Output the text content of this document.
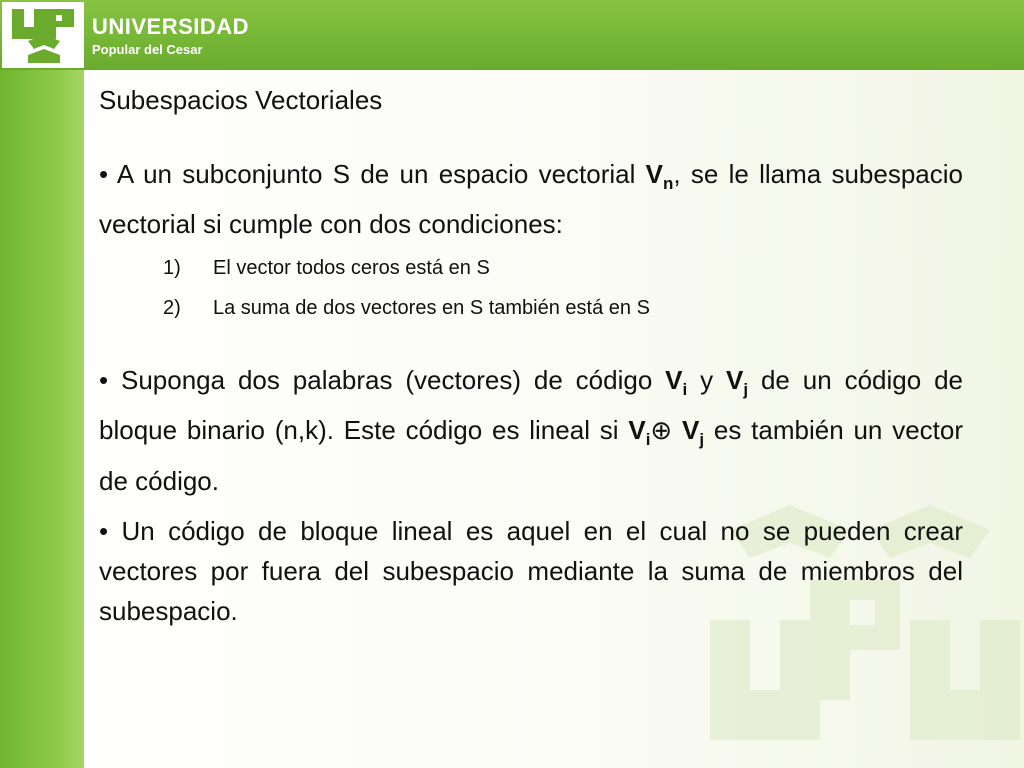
UNIVERSIDAD
Popular del Cesar
Subespacios Vectoriales

• A un subconjunto S de un espacio vectorial $V_n$, se le llama subespacio vectorial si cumple con dos condiciones:

1)	El vector todos ceros está en S
2)	La suma de dos vectores en S también está en S

• Suponga dos palabras (vectores) de código $V_i$ y $V_j$ de un código de bloque binario (n,k). Este código es lineal si $V_i\oplus$ $V_j$ es también un vector de código.

• Un código de bloque lineal es aquel en el cual no se pueden crear vectores por fuera del subespacio mediante la suma de miembros del subespacio.
